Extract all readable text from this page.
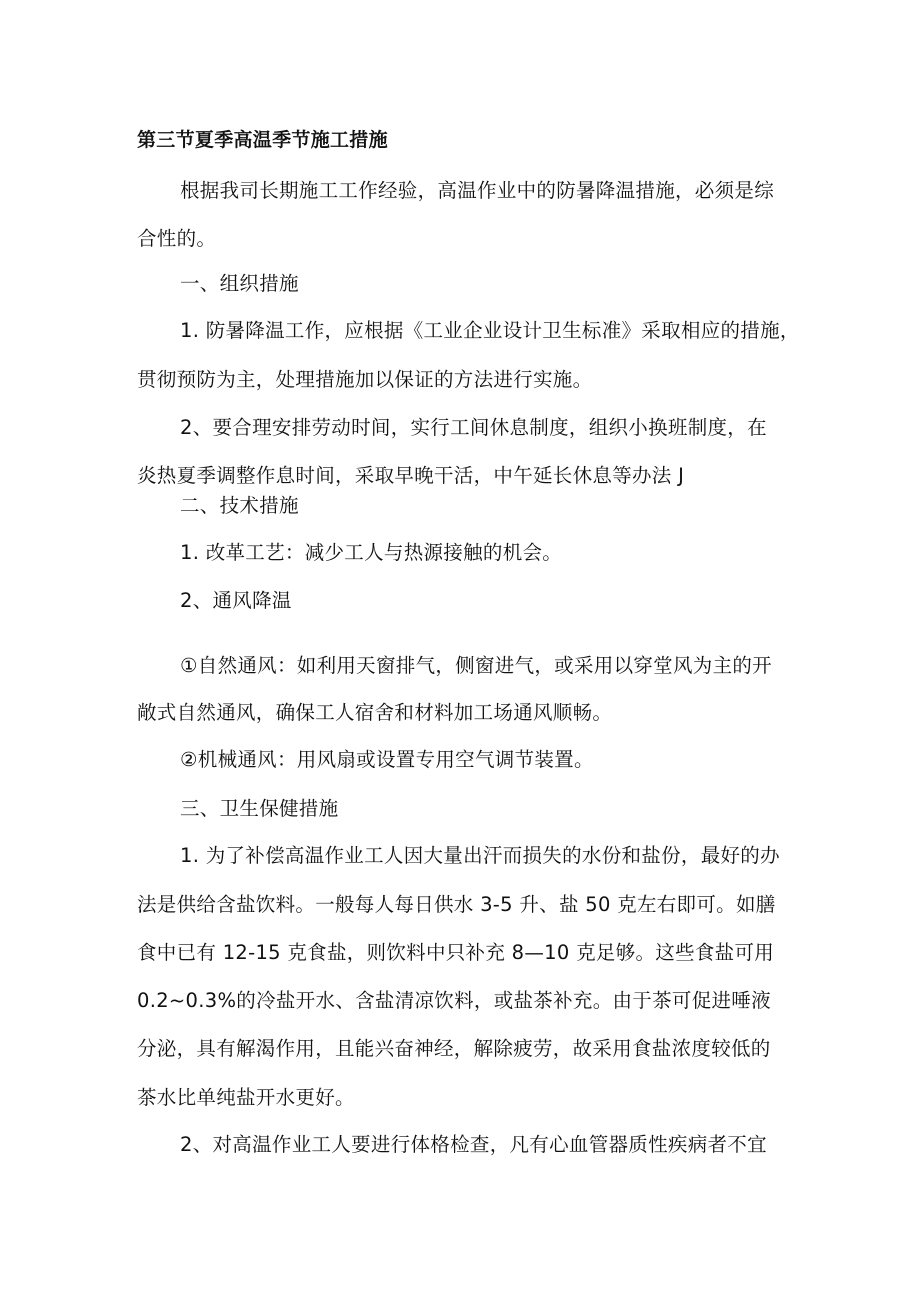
第三节夏季高温季节施工措施
根据我司长期施工工作经验，高温作业中的防暑降温措施，必须是综
合性的。
一、组织措施
1. 防暑降温工作，应根据《工业企业设计卫生标准》采取相应的措施，
贯彻预防为主，处理措施加以保证的方法进行实施。
2、要合理安排劳动时间，实行工间休息制度，组织小换班制度，在
炎热夏季调整作息时间，采取早晚干活，中午延长休息等办法 J
二、技术措施
1. 改革工艺：减少工人与热源接触的机会。
2、通风降温
①自然通风：如利用天窗排气，侧窗进气，或采用以穿堂风为主的开
敞式自然通风，确保工人宿舍和材料加工场通风顺畅。
②机械通风：用风扇或设置专用空气调节装置。
三、卫生保健措施
1. 为了补偿高温作业工人因大量出汗而损失的水份和盐份，最好的办
法是供给含盐饮料。一般每人每日供水 3-5 升、盐 50 克左右即可。如膳
食中已有 12-15 克食盐，则饮料中只补充 8—10 克足够。这些食盐可用
0.2~0.3%的冷盐开水、含盐清凉饮料，或盐茶补充。由于茶可促进唾液
分泌，具有解渴作用，且能兴奋神经，解除疲劳，故采用食盐浓度较低的
茶水比单纯盐开水更好。
2、对高温作业工人要进行体格检查，凡有心血管器质性疾病者不宜
